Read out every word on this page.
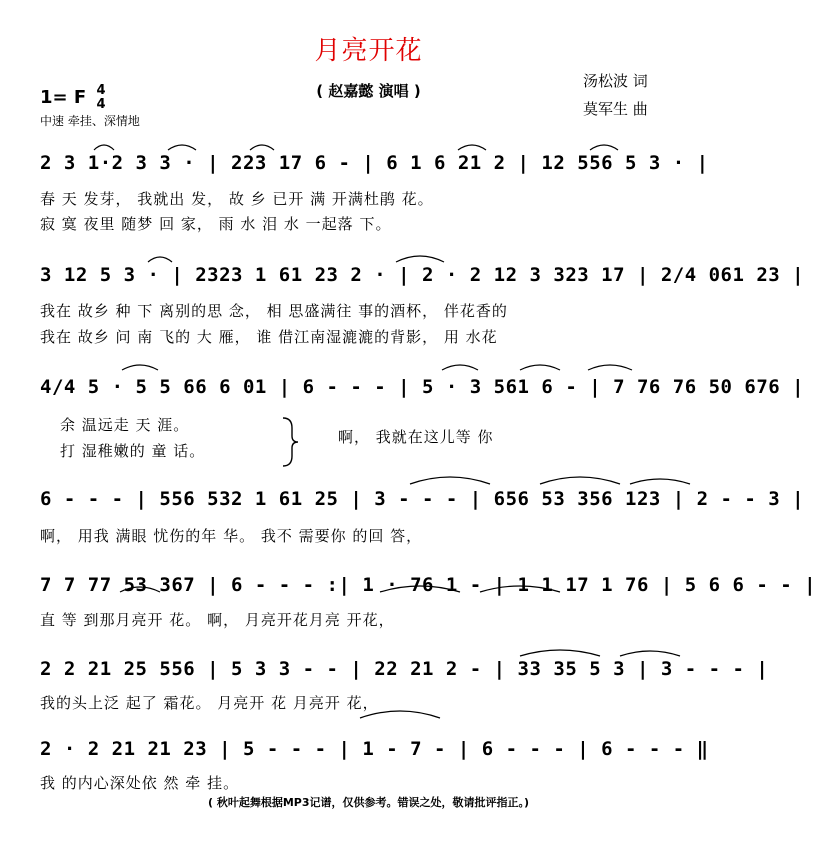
月亮开花
( 赵嘉懿 演唱 )
汤松波 词
莫军生 曲
1= F 4
4
中速 牵挂、深情地
2 3 1·2 3 3 · | 223 17 6 - | 6 1 6 21 2 | 12 556 5 3 · |
春 天 发芽， 我就出 发， 故 乡 已开 满 开满杜鹃 花。
寂 寞 夜里 随梦 回 家， 雨 水 泪 水 一起落 下。
3 12 5 3 · | 2323 1 61 23 2 · | 2 · 2 12 3 323 17 | 2/4 061 23 |
我在 故乡 种 下 离别的思 念， 相 思盛满往 事的酒杯， 伴花香的
我在 故乡 问 南 飞的 大 雁， 谁 借江南湿漉漉的背影， 用 水花
4/4 5 · 5 5 66 6 01 | 6 - - - | 5 · 3 561 6 - | 7 76 76 50 676 |
余 温远走 天 涯。
打 湿稚嫩的 童 话。
啊， 我就在这儿等 你
6 - - - | 556 532 1 61 25 | 3 - - - | 656 53 356 123 | 2 - - 3 |
啊， 用我 满眼 忧伤的年 华。 我不 需要你 的回 答，
7 7 77 53 367 | 6 - - - :| 1 · 76 1 - | 1 1 17 1 76 | 5 6 6 - - |
直 等 到那月亮开 花。 啊， 月亮开花月亮 开花，
2 2 21 25 556 | 5 3 3 - - | 22 21 2 - | 33 35 5 3 | 3 - - - |
我的头上泛 起了 霜花。 月亮开 花 月亮开 花，
2 · 2 21 21 23 | 5 - - - | 1 - 7 - | 6 - - - | 6 - - - ‖
我 的内心深处依 然 牵 挂。
( 秋叶起舞根据MP3记谱，仅供参考。错误之处，敬请批评指正。)
